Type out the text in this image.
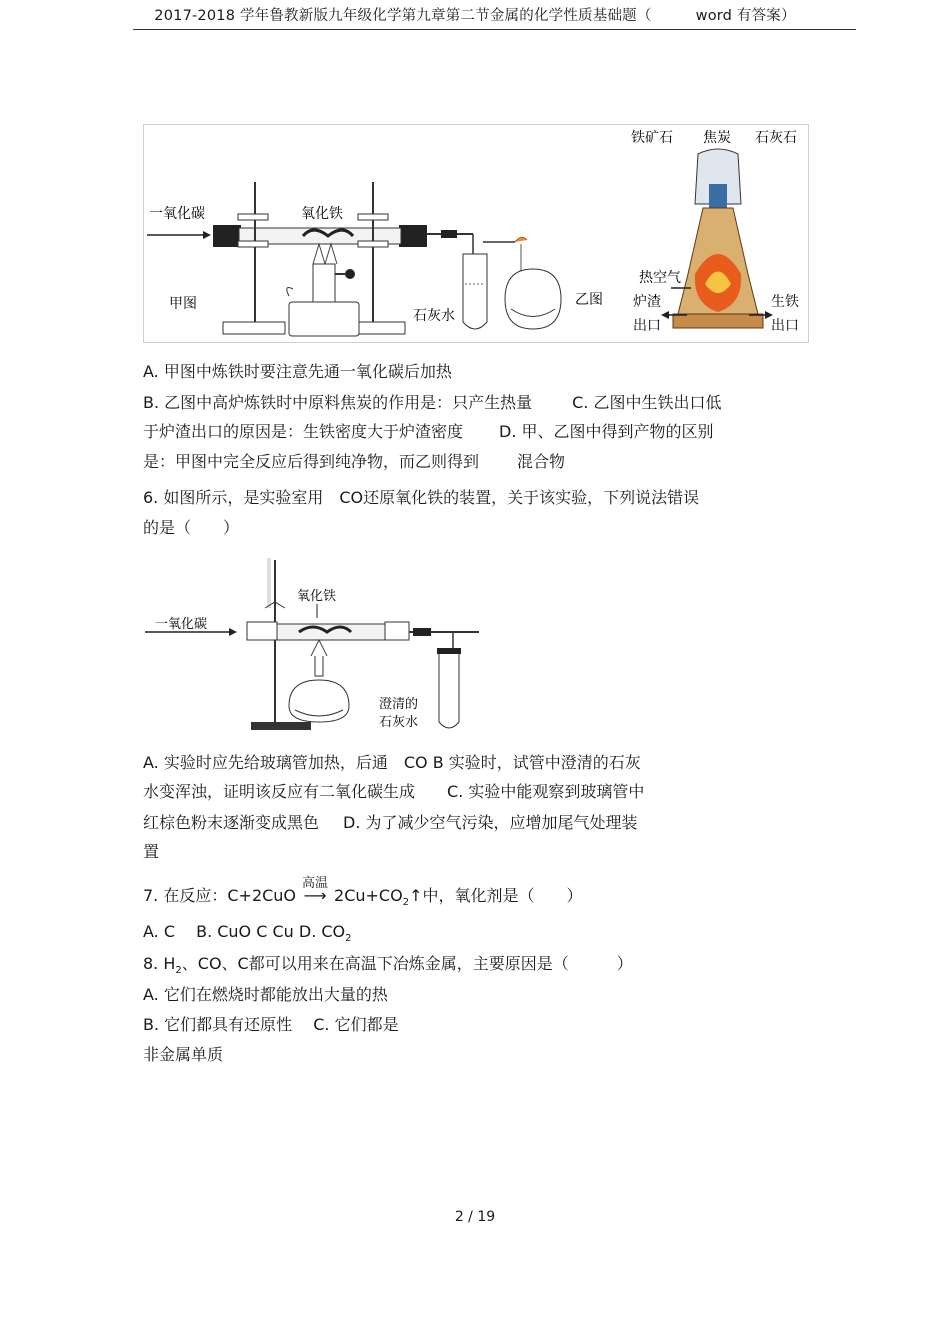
2017-2018 学年鲁教新版九年级化学第九章第二节金属的化学性质基础题（　　　word 有答案）
一氧化碳	氧化铁
甲图
石灰水
乙图
铁矿石 焦炭 石灰石
热空气
炉渣
出口
生铁
出口
A. 甲图中炼铁时要注意先通一氧化碳后加热
B. 乙图中高炉炼铁时中原料焦炭的作用是：只产生热量	C. 乙图中生铁出口低
于炉渣出口的原因是：生铁密度大于炉渣密度 D. 甲、乙图中得到产物的区别
是：甲图中完全反应后得到纯净物，而乙则得到 混合物
6. 如图所示，是实验室用　CO还原氧化铁的装置，关于该实验，下列说法错误
的是（　　）
一氧化碳
氧化铁
澄清的
石灰水
A. 实验时应先给玻璃管加热，后通　CO B 实验时，试管中澄清的石灰
水变浑浊，证明该反应有二氧化碳生成 C. 实验中能观察到玻璃管中
红棕色粉末逐渐变成黑色 D. 为了减少空气污染，应增加尾气处理装
置
7. 在反应：C+2CuO
高温
⟶ $2Cu+CO_2↑$中，氧化剂是（　　）
A. C　 B. CuO C Cu D. $CO_2$
8. $H_2$、CO、C都可以用来在高温下冶炼金属，主要原因是（　　　）
A. 它们在燃烧时都能放出大量的热
B. 它们都具有还原性　 C. 它们都是
非金属单质
2 / 19
